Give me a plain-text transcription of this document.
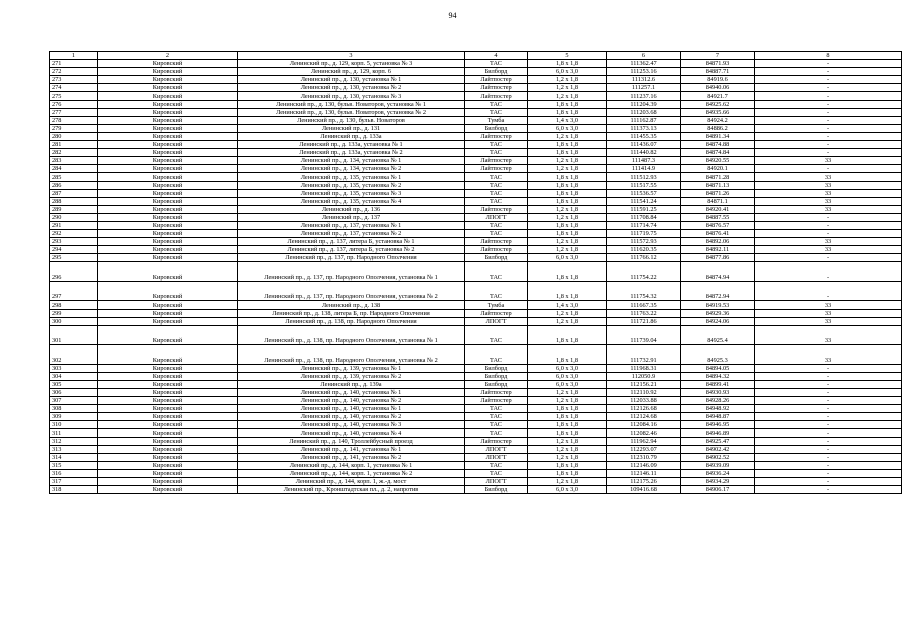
94
1	2	3	4	5	6	7	8
271	Кировский	Ленинский пр., д. 129, корп. 5, установка № 3	ТАС	1,8 х 1,8	111362.47	84871.93	-
272	Кировский	Ленинский пр., д. 129, корп. 6	Билборд	6,0 х 3,0	111253.16	84887.71	-
273	Кировский	Ленинский пр., д. 130, установка № 1	Лайтпостер	1,2 х 1,8	111312.6	84919.6	-
274	Кировский	Ленинский пр., д. 130, установка № 2	Лайтпостер	1,2 х 1,8	111257.1	84940.06	-
275	Кировский	Ленинский пр., д. 130, установка № 3	Лайтпостер	1,2 х 1,8	111237.16	84921.7	-
276	Кировский	Ленинский пр., д. 130, бульв. Новаторов, установка № 1	ТАС	1,8 х 1,8	111204.39	84925.62	-
277	Кировский	Ленинский пр., д. 130, бульв. Новаторов, установка № 2	ТАС	1,8 х 1,8	111203.68	84935.66	-
278	Кировский	Ленинский пр., д. 130, бульв. Новаторов	Тумба	1,4 х 3,0	111162.87	84924.2	-
279	Кировский	Ленинский пр., д. 131	Билборд	6,0 х 3,0	111373.13	84886.2	-
280	Кировский	Ленинский пр., д. 133а	Лайтпостер	1,2 х 1,8	111455.35	84891.34	-
281	Кировский	Ленинский пр., д. 133а, установка № 1	ТАС	1,8 х 1,8	111436.07	84874.88	-
282	Кировский	Ленинский пр., д. 133а, установка № 2	ТАС	1,8 х 1,8	111440.82	84874.84	-
283	Кировский	Ленинский пр., д. 134, установка № 1	Лайтпостер	1,2 х 1,8	111487.3	84920.55	33
284	Кировский	Ленинский пр., д. 134, установка № 2	Лайтпостер	1,2 х 1,8	111414.9	84920.1	-
285	Кировский	Ленинский пр., д. 135, установка № 1	ТАС	1,8 х 1,8	111512.93	84871.28	33
286	Кировский	Ленинский пр., д. 135, установка № 2	ТАС	1,8 х 1,8	111517.55	84871.13	33
287	Кировский	Ленинский пр., д. 135, установка № 3	ТАС	1,8 х 1,8	111536.57	84871.26	33
288	Кировский	Ленинский пр., д. 135, установка № 4	ТАС	1,8 х 1,8	111541.24	84871.1	33
289	Кировский	Ленинский пр., д. 136	Лайтпостер	1,2 х 1,8	111591.25	84920.41	33
290	Кировский	Ленинский пр., д. 137	ЛПОГТ	1,2 х 1,8	111708.84	84887.55	-
291	Кировский	Ленинский пр., д. 137, установка № 1	ТАС	1,8 х 1,8	111714.74	84876.57	-
292	Кировский	Ленинский пр., д. 137, установка № 2	ТАС	1,8 х 1,8	111719.75	84876.41	-
293	Кировский	Ленинский пр., д. 137, литера Б, установка № 1	Лайтпостер	1,2 х 1,8	111572.93	84892.06	33
294	Кировский	Ленинский пр., д. 137, литера Б, установка № 2	Лайтпостер	1,2 х 1,8	111620.35	84892.11	33
295	Кировский	Ленинский пр., д. 137, пр. Народного Ополчения	Билборд	6,0 х 3,0	111766.12	84877.86	-
296	Кировский	Ленинский пр., д. 137, пр. Народного Ополчения, установка № 1	ТАС	1,8 х 1,8	111754.22	84874.94	-
297	Кировский	Ленинский пр., д. 137, пр. Народного Ополчения, установка № 2	ТАС	1,8 х 1,8	111754.32	84872.94	-
298	Кировский	Ленинский пр., д. 138	Тумба	1,4 х 3,0	111667.35	84919.53	33
299	Кировский	Ленинский пр., д. 138, литера Б, пр. Народного Ополчения	Лайтпостер	1,2 х 1,8	111763.22	84929.36	33
300	Кировский	Ленинский пр., д. 138, пр. Народного Ополчения	ЛПОГТ	1,2 х 1,8	111721.86	84924.06	33
301	Кировский	Ленинский пр., д. 138, пр. Народного Ополчения, установка № 1	ТАС	1,8 х 1,8	111739.04	84925.4	33
302	Кировский	Ленинский пр., д. 138, пр. Народного Ополчения, установка № 2	ТАС	1,8 х 1,8	111732.91	84925.3	33
303	Кировский	Ленинский пр., д. 139, установка № 1	Билборд	6,0 х 3,0	111968.31	84894.05	-
304	Кировский	Ленинский пр., д. 139, установка № 2	Билборд	6,0 х 3,0	112050.9	84894.32	-
305	Кировский	Ленинский пр., д. 139а	Билборд	6,0 х 3,0	112156.21	84899.41	-
306	Кировский	Ленинский пр., д. 140, установка № 1	Лайтпостер	1,2 х 1,8	112110.92	84930.93	-
307	Кировский	Ленинский пр., д. 140, установка № 2	Лайтпостер	1,2 х 1,8	112033.88	84928.26	-
308	Кировский	Ленинский пр., д. 140, установка № 1	ТАС	1,8 х 1,8	112126.68	84948.92	-
309	Кировский	Ленинский пр., д. 140, установка № 2	ТАС	1,8 х 1,8	112124.68	84948.87	-
310	Кировский	Ленинский пр., д. 140, установка № 3	ТАС	1,8 х 1,8	112084.16	84946.95	-
311	Кировский	Ленинский пр., д. 140, установка № 4	ТАС	1,8 х 1,8	112082.46	84946.89	-
312	Кировский	Ленинский пр., д. 140, Троллейбусный проезд	Лайтпостер	1,2 х 1,8	111962.94	84925.47	-
313	Кировский	Ленинский пр., д. 141, установка № 1	ЛПОГТ	1,2 х 1,8	112293.07	84902.42	-
314	Кировский	Ленинский пр., д. 141, установка № 2	ЛПОГТ	1,2 х 1,8	112310.79	84902.52	-
315	Кировский	Ленинский пр., д. 144, корп. 1, установка № 1	ТАС	1,8 х 1,8	112146.09	84939.09	-
316	Кировский	Ленинский пр., д. 144, корп. 1, установка № 2	ТАС	1,8 х 1,8	112146.11	84936.24	-
317	Кировский	Ленинский пр., д. 144, корп. 1, ж.-д. мост	ЛПОГТ	1,2 х 1,8	112175.26	84934.29	-
318	Кировский	Ленинский пр., Кронштадтская пл., д. 2, напротив	Билборд	6,0 х 3,0	109416.68	84906.17	-
